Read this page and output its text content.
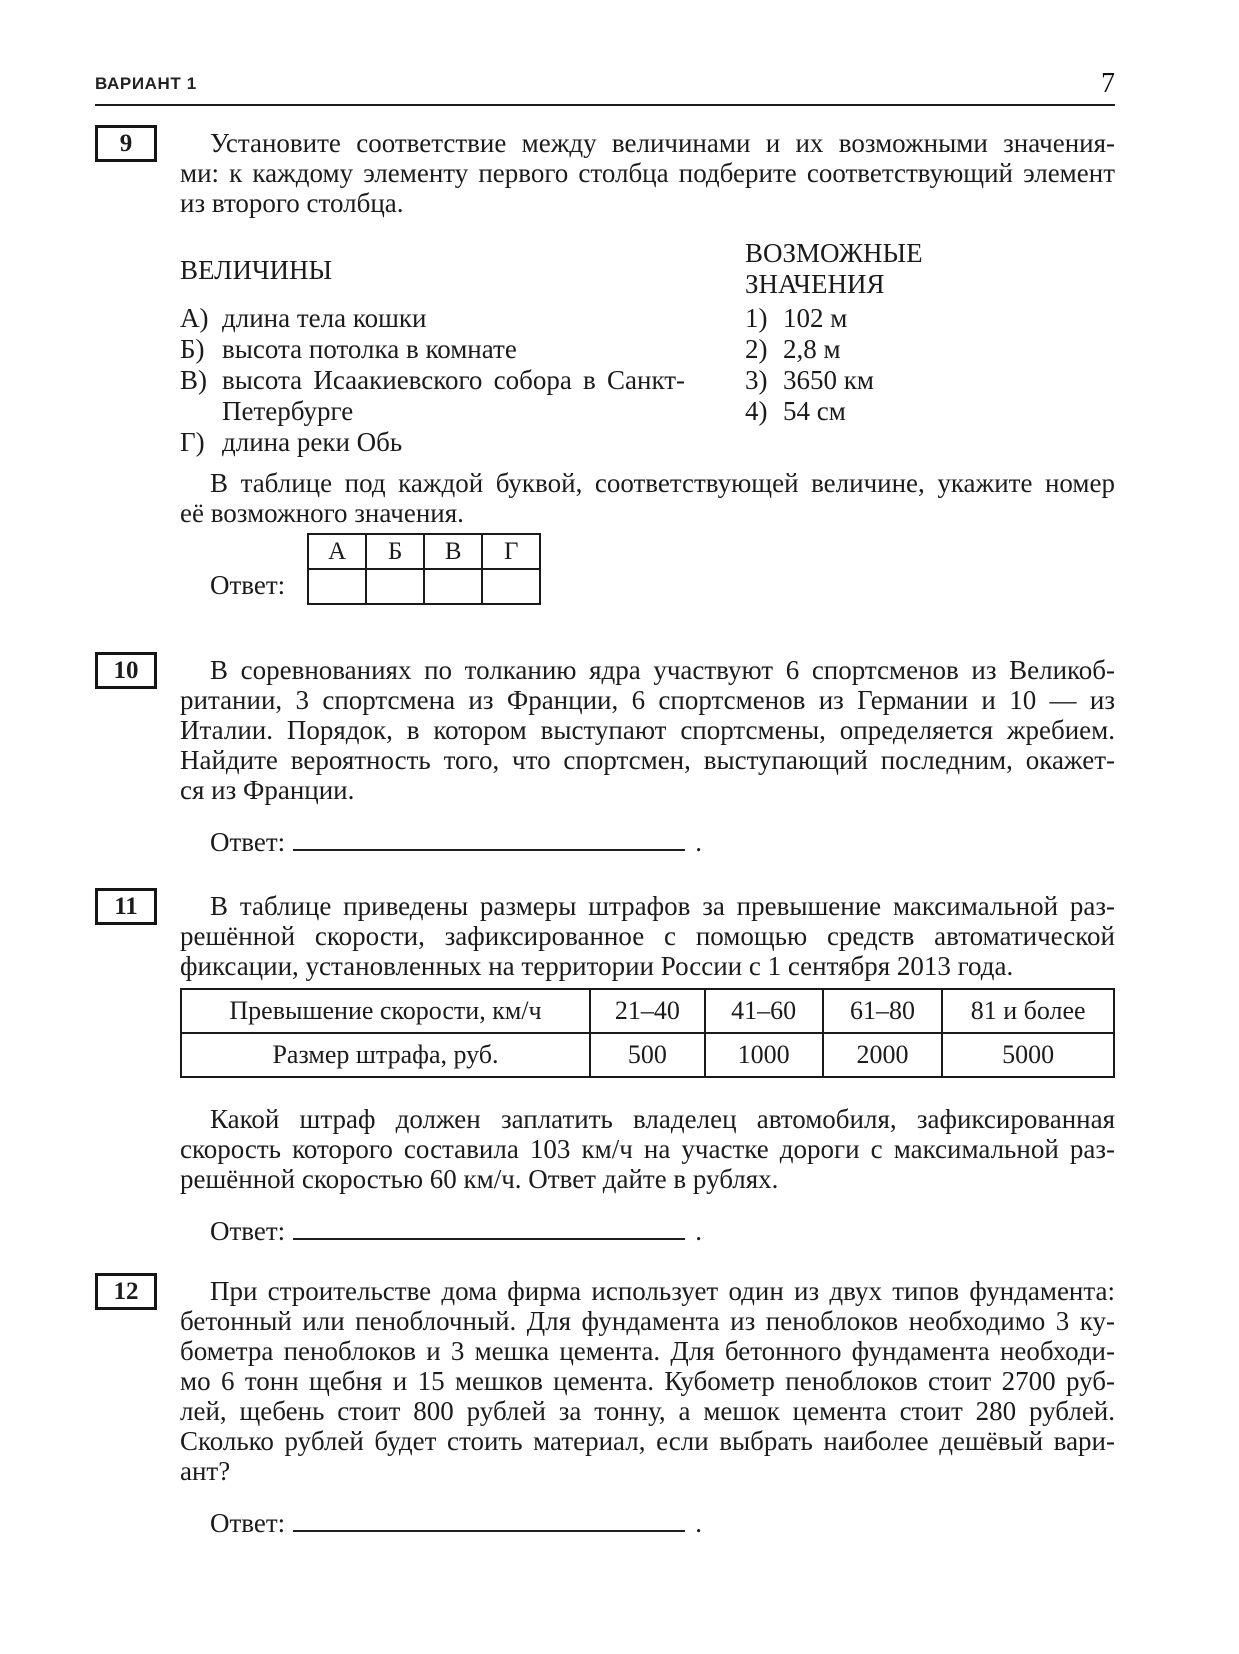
ВАРИАНТ 1	7
9	Установите соответствие между величинами и их возможными значения-
ми: к каждому элементу первого столбца подберите соответствующий элемент
из второго столбца.
ВЕЛИЧИНЫ
А) длина тела кошки
Б) высота потолка в комнате
В) высота Исаакиевского собора в Санкт-
Петербурге
Г) длина реки Обь
ВОЗМОЖНЫЕ
ЗНАЧЕНИЯ
1) 102 м
2) 2,8 м
3) 3650 км
4) 54 см
В таблице под каждой буквой, соответствующей величине, укажите номер
её возможного значения.
Ответ:
А	Б	В	Г

10	В соревнованиях по толканию ядра участвуют 6 спортсменов из Великоб-
ритании, 3 спортсмена из Франции, 6 спортсменов из Германии и 10 — из
Италии. Порядок, в котором выступают спортсмены, определяется жребием.
Найдите вероятность того, что спортсмен, выступающий последним, окажет-
ся из Франции.
Ответ:	.
11	В таблице приведены размеры штрафов за превышение максимальной раз-
решённой скорости, зафиксированное с помощью средств автоматической
фиксации, установленных на территории России с 1 сентября 2013 года.
Превышение скорости, км/ч	21–40	41–60	61–80	81 и более
Размер штрафа, руб.	500	1000	2000	5000
Какой штраф должен заплатить владелец автомобиля, зафиксированная
скорость которого составила 103 км/ч на участке дороги с максимальной раз-
решённой скоростью 60 км/ч. Ответ дайте в рублях.
Ответ:	.
12	При строительстве дома фирма использует один из двух типов фундамента:
бетонный или пеноблочный. Для фундамента из пеноблоков необходимо 3 ку-
бометра пеноблоков и 3 мешка цемента. Для бетонного фундамента необходи-
мо 6 тонн щебня и 15 мешков цемента. Кубометр пеноблоков стоит 2700 руб-
лей, щебень стоит 800 рублей за тонну, а мешок цемента стоит 280 рублей.
Сколько рублей будет стоить материал, если выбрать наиболее дешёвый вари-
ант?
Ответ:	.
